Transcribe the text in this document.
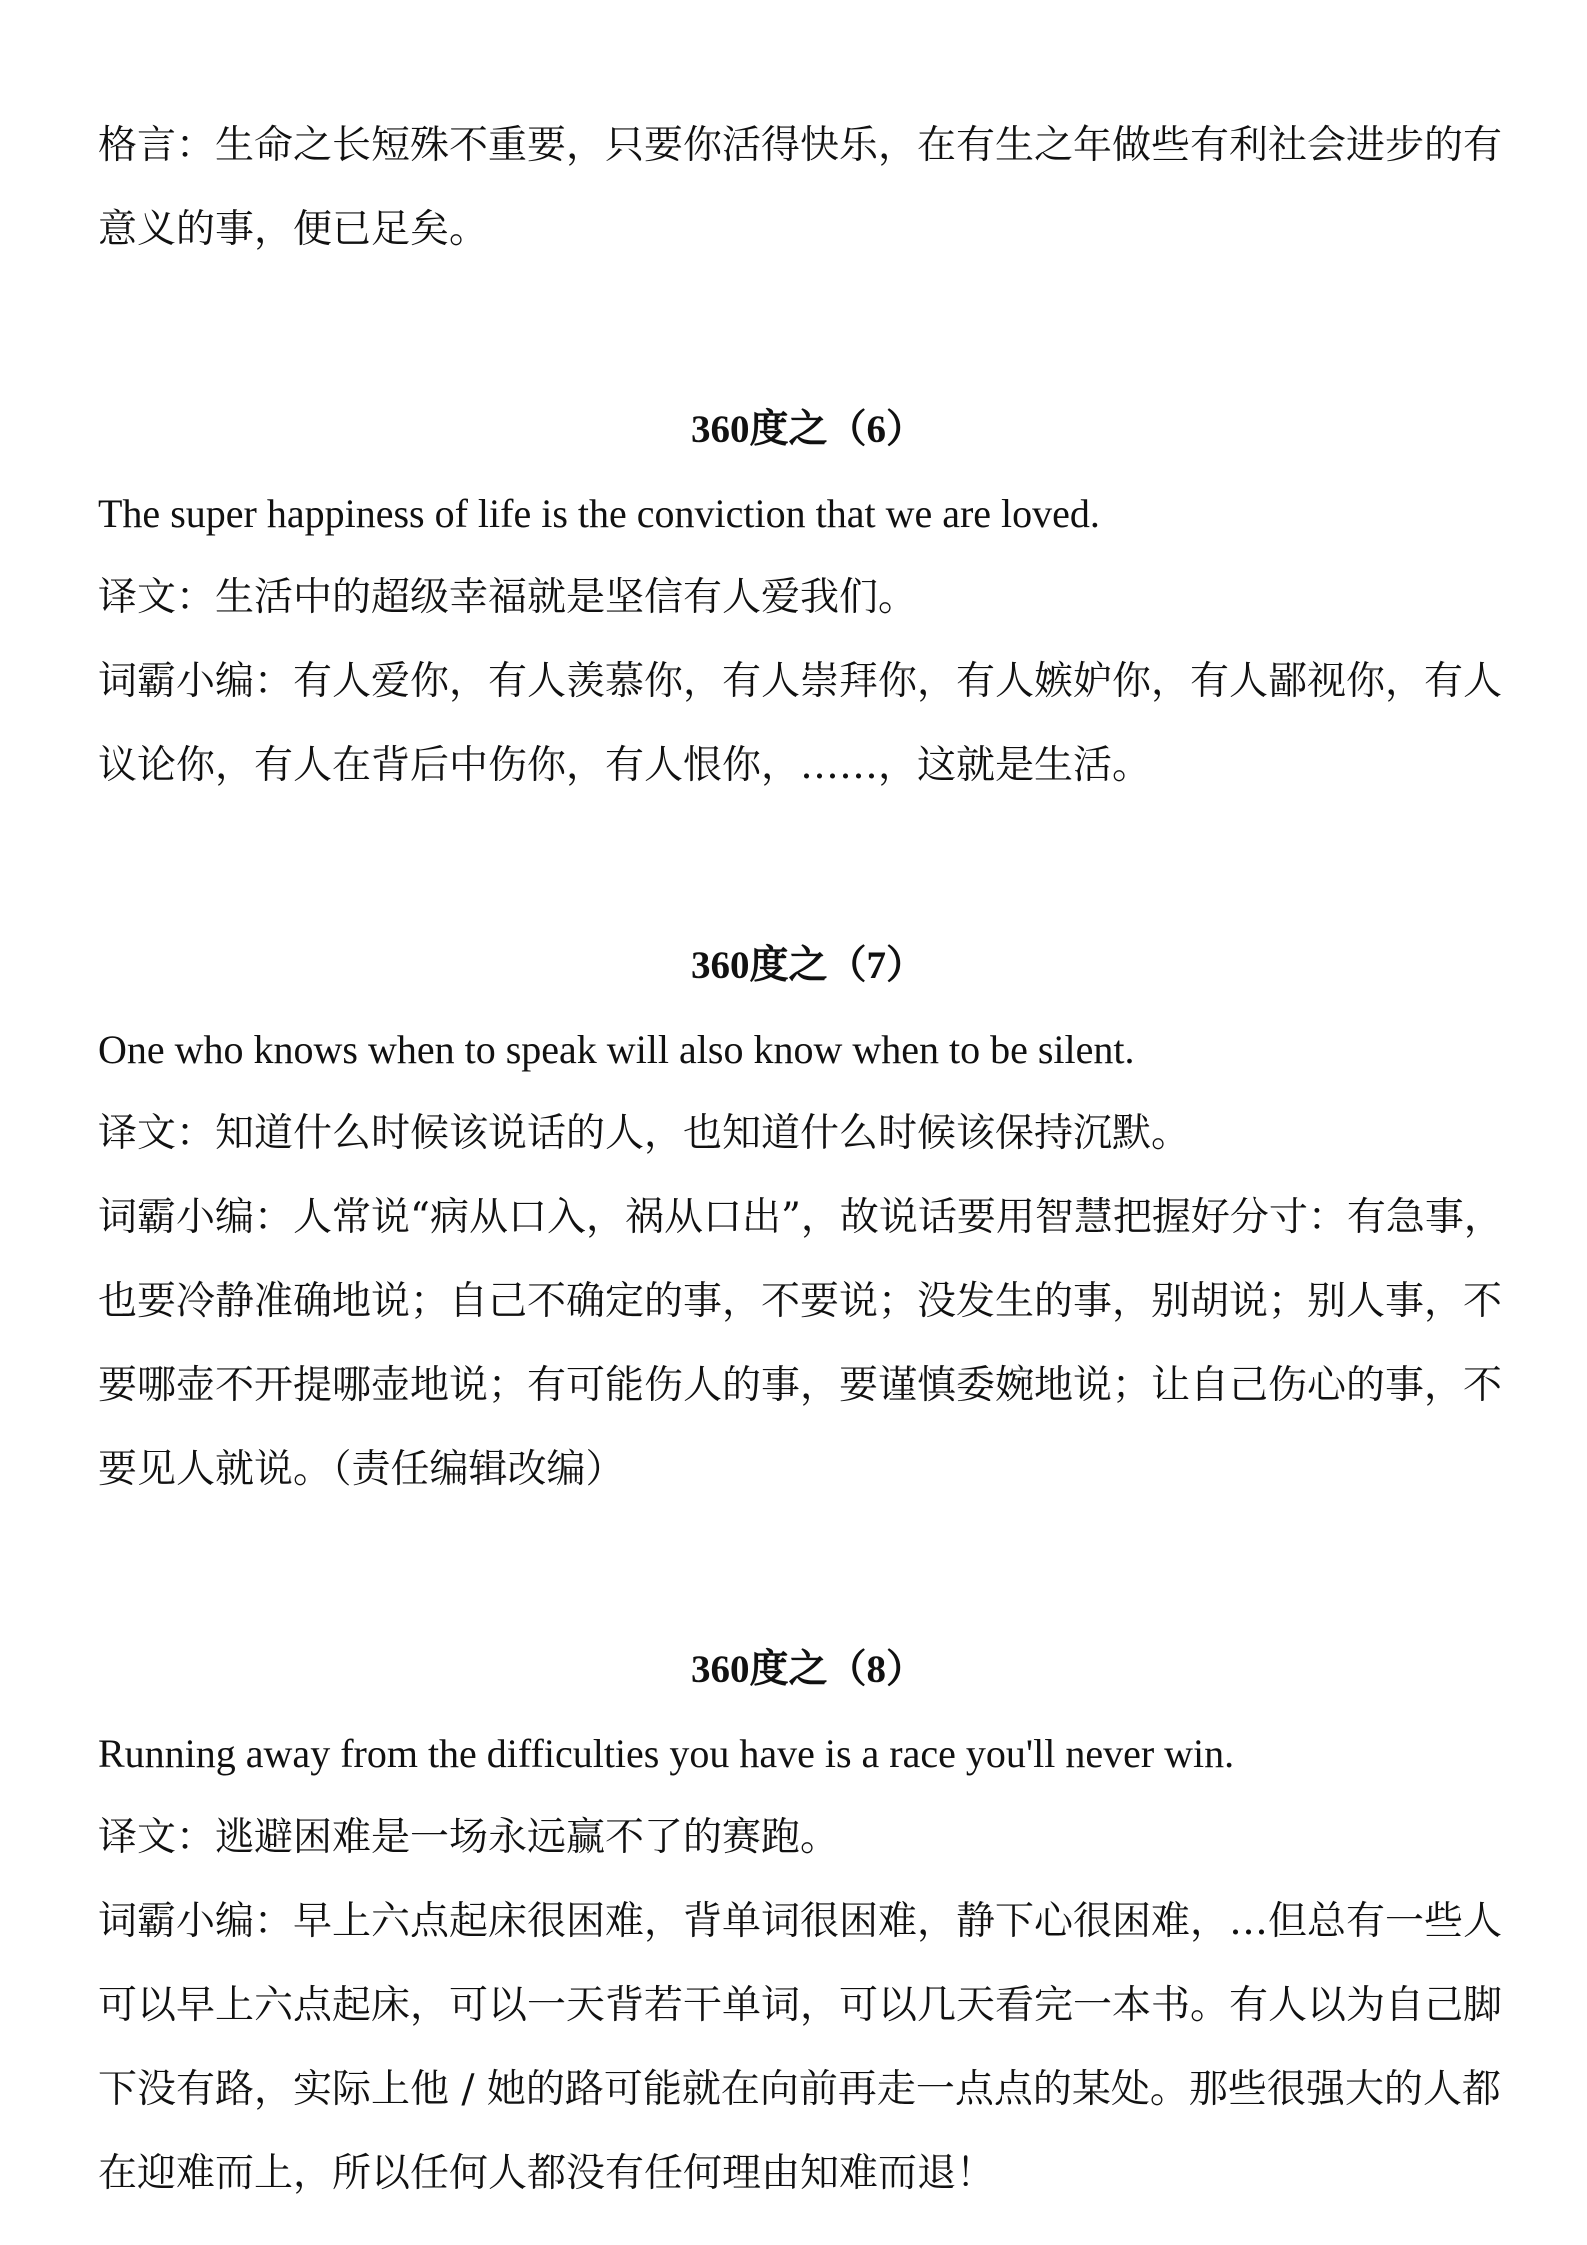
格言：生命之长短殊不重要，只要你活得快乐，在有生之年做些有利社会进步的有意义的事，便已足矣。

360度之（6）

The super happiness of life is the conviction that we are loved.

译文：生活中的超级幸福就是坚信有人爱我们。

词霸小编：有人爱你，有人羡慕你，有人崇拜你，有人嫉妒你，有人鄙视你，有人议论你，有人在背后中伤你，有人恨你，……，这就是生活。

360度之（7）

One who knows when to speak will also know when to be silent.

译文：知道什么时候该说话的人，也知道什么时候该保持沉默。

词霸小编：人常说“病从口入，祸从口出”，故说话要用智慧把握好分寸：有急事，也要冷静准确地说；自己不确定的事，不要说；没发生的事，别胡说；别人事，不要哪壶不开提哪壶地说；有可能伤人的事，要谨慎委婉地说；让自己伤心的事，不要见人就说。（责任编辑改编）

360度之（8）

Running away from the difficulties you have is a race you'll never win.

译文：逃避困难是一场永远赢不了的赛跑。

词霸小编：早上六点起床很困难，背单词很困难，静下心很困难，…但总有一些人可以早上六点起床，可以一天背若干单词，可以几天看完一本书。有人以为自己脚下没有路，实际上他 / 她的路可能就在向前再走一点点的某处。那些很强大的人都在迎难而上，所以任何人都没有任何理由知难而退！
